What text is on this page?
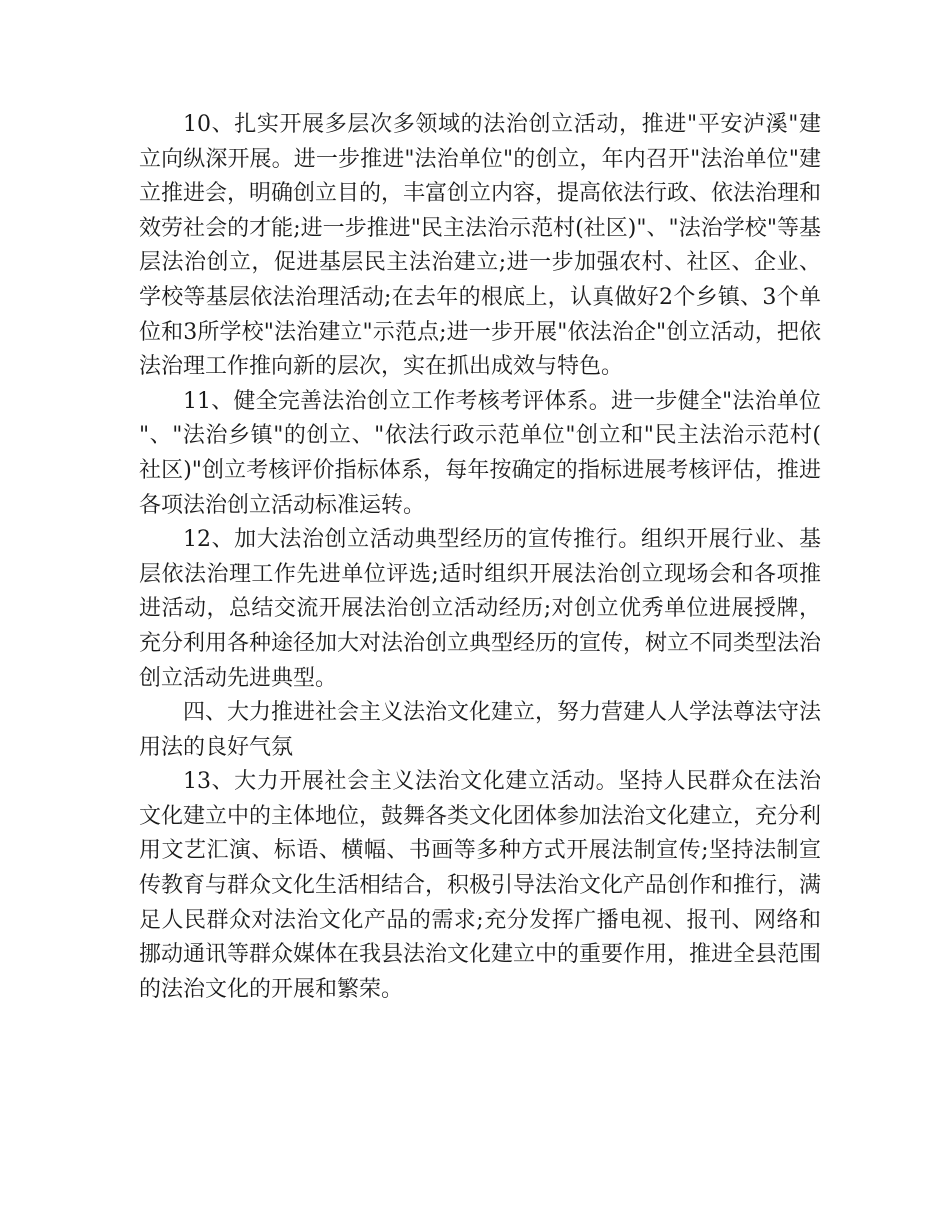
10、扎实开展多层次多领域的法治创立活动，推进"平安泸溪"建立向纵深开展。进一步推进"法治单位"的创立，年内召开"法治单位"建立推进会，明确创立目的，丰富创立内容，提高依法行政、依法治理和效劳社会的才能;进一步推进"民主法治示范村(社区)"、"法治学校"等基层法治创立，促进基层民主法治建立;进一步加强农村、社区、企业、学校等基层依法治理活动;在去年的根底上，认真做好2个乡镇、3个单位和3所学校"法治建立"示范点;进一步开展"依法治企"创立活动，把依法治理工作推向新的层次，实在抓出成效与特色。

11、健全完善法治创立工作考核考评体系。进一步健全"法治单位"、"法治乡镇"的创立、"依法行政示范单位"创立和"民主法治示范村(社区)"创立考核评价指标体系，每年按确定的指标进展考核评估，推进各项法治创立活动标准运转。

12、加大法治创立活动典型经历的宣传推行。组织开展行业、基层依法治理工作先进单位评选;适时组织开展法治创立现场会和各项推进活动，总结交流开展法治创立活动经历;对创立优秀单位进展授牌，充分利用各种途径加大对法治创立典型经历的宣传，树立不同类型法治创立活动先进典型。

四、大力推进社会主义法治文化建立，努力营建人人学法尊法守法用法的良好气氛

13、大力开展社会主义法治文化建立活动。坚持人民群众在法治文化建立中的主体地位，鼓舞各类文化团体参加法治文化建立，充分利用文艺汇演、标语、横幅、书画等多种方式开展法制宣传;坚持法制宣传教育与群众文化生活相结合，积极引导法治文化产品创作和推行，满足人民群众对法治文化产品的需求;充分发挥广播电视、报刊、网络和挪动通讯等群众媒体在我县法治文化建立中的重要作用，推进全县范围的法治文化的开展和繁荣。
